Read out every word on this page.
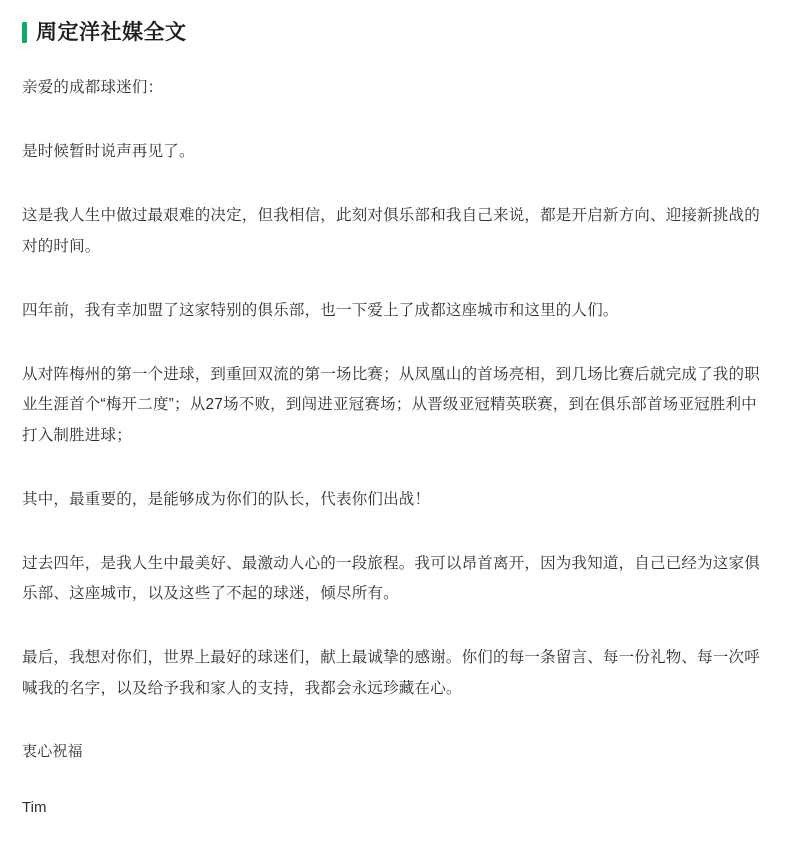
周定洋社媒全文
亲爱的成都球迷们：
是时候暂时说声再见了。
这是我人生中做过最艰难的决定，但我相信，此刻对俱乐部和我自己来说，都是开启新方向、迎接新挑战的对的时间。
四年前，我有幸加盟了这家特别的俱乐部，也一下爱上了成都这座城市和这里的人们。
从对阵梅州的第一个进球，到重回双流的第一场比赛；从凤凰山的首场亮相，到几场比赛后就完成了我的职业生涯首个“梅开二度”；从27场不败，到闯进亚冠赛场；从晋级亚冠精英联赛，到在俱乐部首场亚冠胜利中打入制胜进球；
其中，最重要的，是能够成为你们的队长，代表你们出战！
过去四年，是我人生中最美好、最激动人心的一段旅程。我可以昂首离开，因为我知道，自己已经为这家俱乐部、这座城市，以及这些了不起的球迷，倾尽所有。
最后，我想对你们，世界上最好的球迷们，献上最诚挚的感谢。你们的每一条留言、每一份礼物、每一次呼喊我的名字，以及给予我和家人的支持，我都会永远珍藏在心。
衷心祝福
Tim
